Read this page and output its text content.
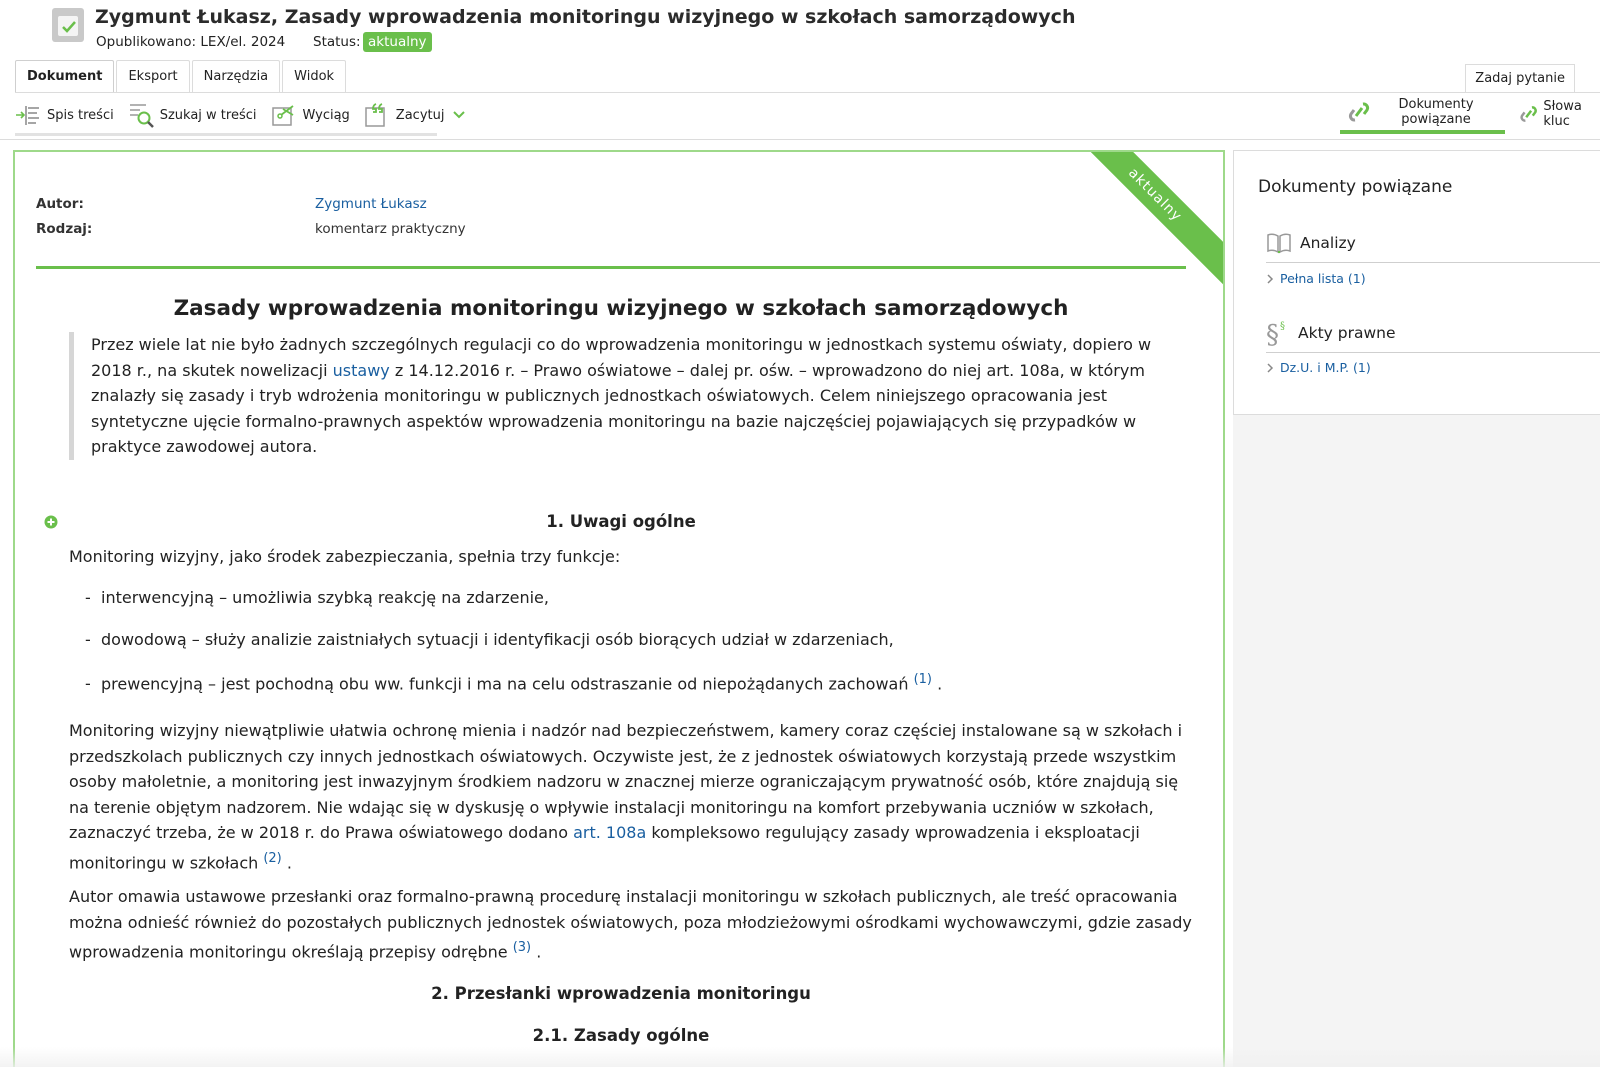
Zygmunt Łukasz, Zasady wprowadzenia monitoringu wizyjnego w szkołach samorządowych
Opublikowano: LEX/el. 2024 Status: aktualny
Dokument	Eksport	Narzędzia	Widok	Zadaj pytanie
Spis treści	Szukaj w treści	Wyciąg	Zacytuj
Dokumenty
powiązane
Słowa kluc
aktualny
Autor:	Zygmunt Łukasz
Rodzaj:	komentarz praktyczny
Zasady wprowadzenia monitoringu wizyjnego w szkołach samorządowych
Przez wiele lat nie było żadnych szczególnych regulacji co do wprowadzenia monitoringu w jednostkach systemu oświaty, dopiero w 2018 r., na skutek nowelizacji ustawy z 14.12.2016 r. – Prawo oświatowe – dalej pr. ośw. – wprowadzono do niej art. 108a, w którym znalazły się zasady i tryb wdrożenia monitoringu w publicznych jednostkach oświatowych. Celem niniejszego opracowania jest syntetyczne ujęcie formalno-prawnych aspektów wprowadzenia monitoringu na bazie najczęściej pojawiających się przypadków w praktyce zawodowej autora.
1. Uwagi ogólne
Monitoring wizyjny, jako środek zabezpieczania, spełnia trzy funkcje:
- interwencyjną – umożliwia szybką reakcję na zdarzenie,
- dowodową – służy analizie zaistniałych sytuacji i identyfikacji osób biorących udział w zdarzeniach,
- prewencyjną – jest pochodną obu ww. funkcji i ma na celu odstraszanie od niepożądanych zachowań $^{(1)}$ .
Monitoring wizyjny niewątpliwie ułatwia ochronę mienia i nadzór nad bezpieczeństwem, kamery coraz częściej instalowane są w szkołach i przedszkolach publicznych czy innych jednostkach oświatowych. Oczywiste jest, że z jednostek oświatowych korzystają przede wszystkim osoby małoletnie, a monitoring jest inwazyjnym środkiem nadzoru w znacznej mierze ograniczającym prywatność osób, które znajdują się na terenie objętym nadzorem. Nie wdając się w dyskusję o wpływie instalacji monitoringu na komfort przebywania uczniów w szkołach, zaznaczyć trzeba, że w 2018 r. do Prawa oświatowego dodano art. 108a kompleksowo regulujący zasady wprowadzenia i eksploatacji monitoringu w szkołach $^{(2)}$ .
Autor omawia ustawowe przesłanki oraz formalno-prawną procedurę instalacji monitoringu w szkołach publicznych, ale treść opracowania można odnieść również do pozostałych publicznych jednostek oświatowych, poza młodzieżowymi ośrodkami wychowawczymi, gdzie zasady wprowadzenia monitoringu określają przepisy odrębne $^{(3)}$ .
2. Przesłanki wprowadzenia monitoringu
2.1. Zasady ogólne
Dokumenty powiązane
Analizy
Pełna lista (1)
§ § Akty prawne
Dz.U. i M.P. (1)
